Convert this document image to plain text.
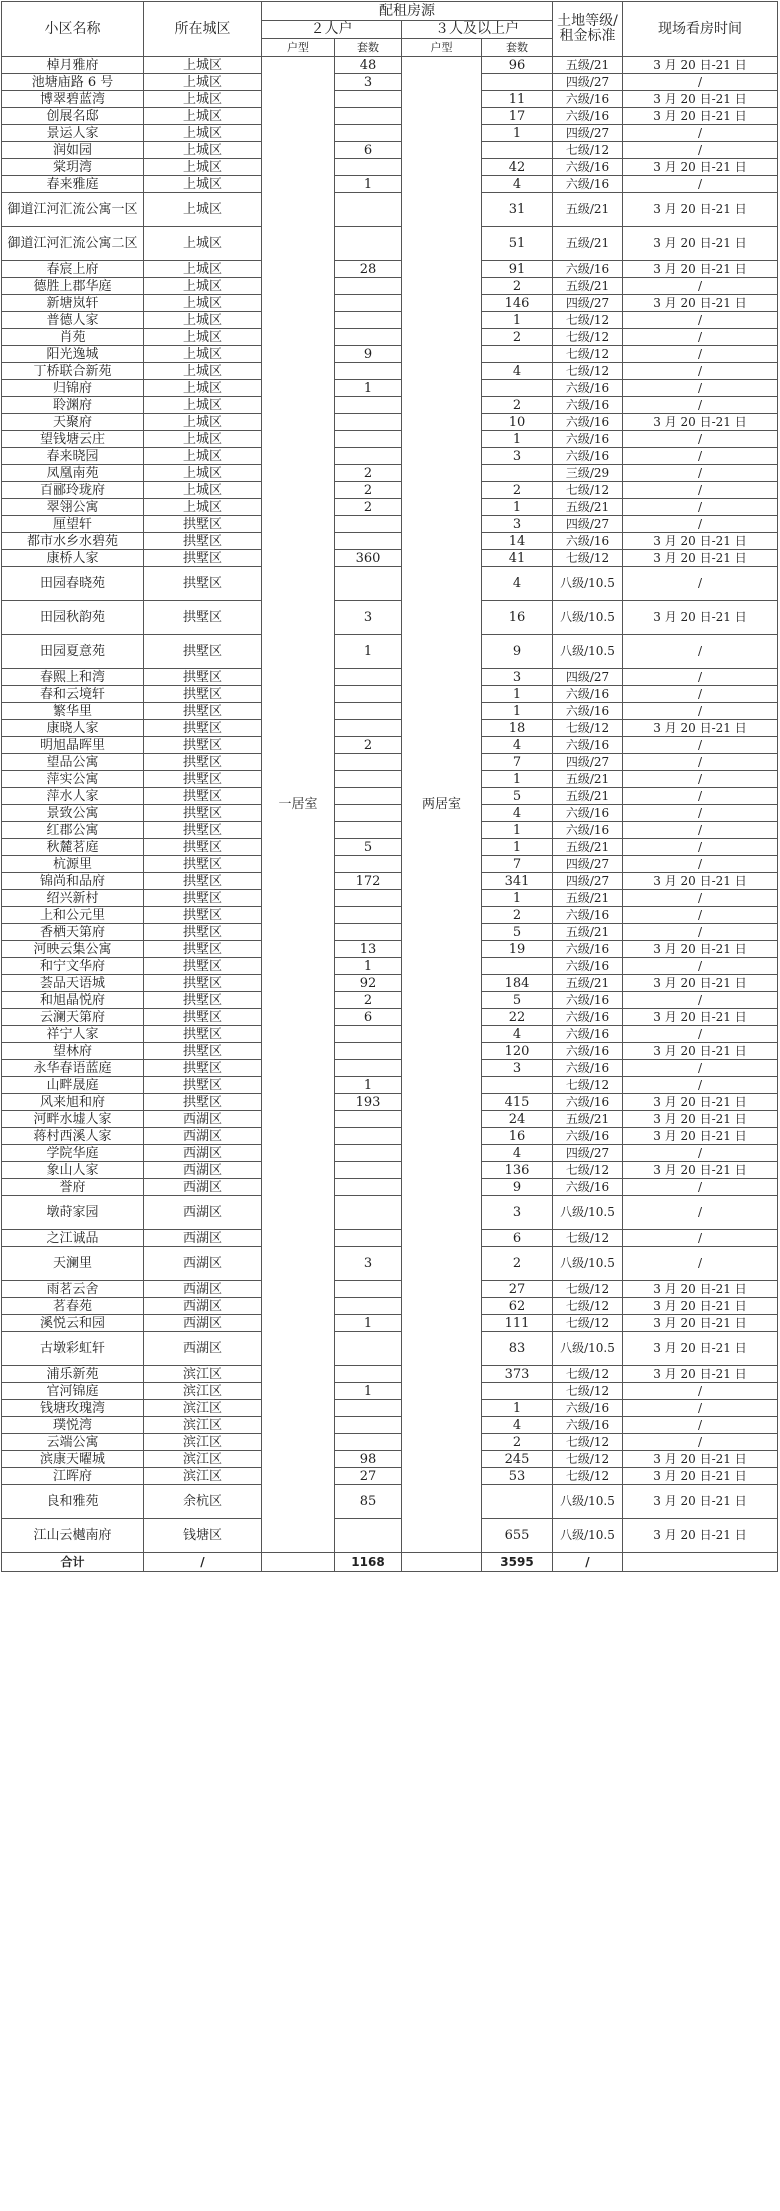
小区名称	所在城区	配租房源				土地等级/租金标准	现场看房时间
		２人户		３人及以上户			
		户型	套数	户型	套数		
棹月雅府	上城区	一居室	48	两居室	96	五级/21	3 月 20 日-21 日
池塘庙路 6 号	上城区		3			四级/27	/
博翠碧蓝湾	上城区				11	六级/16	3 月 20 日-21 日
创展名邸	上城区				17	六级/16	3 月 20 日-21 日
景运人家	上城区				1	四级/27	/
润如园	上城区		6			七级/12	/
棠玥湾	上城区				42	六级/16	3 月 20 日-21 日
春来雅庭	上城区		1		4	六级/16	/
御道江河汇流公寓一区	上城区				31	五级/21	3 月 20 日-21 日
御道江河汇流公寓二区	上城区				51	五级/21	3 月 20 日-21 日
春宸上府	上城区		28		91	六级/16	3 月 20 日-21 日
德胜上郡华庭	上城区				2	五级/21	/
新塘岚轩	上城区				146	四级/27	3 月 20 日-21 日
普德人家	上城区				1	七级/12	/
肖苑	上城区				2	七级/12	/
阳光逸城	上城区		9			七级/12	/
丁桥联合新苑	上城区				4	七级/12	/
归锦府	上城区		1			六级/16	/
聆渊府	上城区				2	六级/16	/
天聚府	上城区				10	六级/16	3 月 20 日-21 日
望钱塘云庄	上城区				1	六级/16	/
春来晓园	上城区				3	六级/16	/
凤凰南苑	上城区		2			三级/29	/
百郦玲珑府	上城区		2		2	七级/12	/
翠翎公寓	上城区		2		1	五级/21	/
厘望轩	拱墅区				3	四级/27	/
都市水乡水碧苑	拱墅区				14	六级/16	3 月 20 日-21 日
康桥人家	拱墅区		360		41	七级/12	3 月 20 日-21 日
田园春晓苑	拱墅区				4	八级/10.5	/
田园秋韵苑	拱墅区		3		16	八级/10.5	3 月 20 日-21 日
田园夏意苑	拱墅区		1		9	八级/10.5	/
春熙上和湾	拱墅区				3	四级/27	/
春和云境轩	拱墅区				1	六级/16	/
繁华里	拱墅区				1	六级/16	/
康晓人家	拱墅区				18	七级/12	3 月 20 日-21 日
明旭晶晖里	拱墅区		2		4	六级/16	/
望品公寓	拱墅区				7	四级/27	/
萍实公寓	拱墅区				1	五级/21	/
萍水人家	拱墅区				5	五级/21	/
景致公寓	拱墅区				4	六级/16	/
红郡公寓	拱墅区				1	六级/16	/
秋麓茗庭	拱墅区		5		1	五级/21	/
杭源里	拱墅区				7	四级/27	/
锦尚和品府	拱墅区		172		341	四级/27	3 月 20 日-21 日
绍兴新村	拱墅区				1	五级/21	/
上和公元里	拱墅区				2	六级/16	/
香栖天第府	拱墅区				5	五级/21	/
河映云集公寓	拱墅区		13		19	六级/16	3 月 20 日-21 日
和宁文华府	拱墅区		1			六级/16	/
荟品天语城	拱墅区		92		184	五级/21	3 月 20 日-21 日
和旭晶悦府	拱墅区		2		5	六级/16	/
云澜天第府	拱墅区		6		22	六级/16	3 月 20 日-21 日
祥宁人家	拱墅区				4	六级/16	/
望林府	拱墅区				120	六级/16	3 月 20 日-21 日
永华春语蓝庭	拱墅区				3	六级/16	/
山畔晟庭	拱墅区		1			七级/12	/
风来旭和府	拱墅区		193		415	六级/16	3 月 20 日-21 日
河畔水墟人家	西湖区				24	五级/21	3 月 20 日-21 日
蒋村西溪人家	西湖区				16	六级/16	3 月 20 日-21 日
学院华庭	西湖区				4	四级/27	/
象山人家	西湖区				136	七级/12	3 月 20 日-21 日
誉府	西湖区				9	六级/16	/
墩莳家园	西湖区				3	八级/10.5	/
之江诚品	西湖区				6	七级/12	/
天澜里	西湖区		3		2	八级/10.5	/
雨茗云舍	西湖区				27	七级/12	3 月 20 日-21 日
茗春苑	西湖区				62	七级/12	3 月 20 日-21 日
溪悦云和园	西湖区		1		111	七级/12	3 月 20 日-21 日
古墩彩虹轩	西湖区				83	八级/10.5	3 月 20 日-21 日
浦乐新苑	滨江区				373	七级/12	3 月 20 日-21 日
官河锦庭	滨江区		1			七级/12	/
钱塘玫瑰湾	滨江区				1	六级/16	/
璞悦湾	滨江区				4	六级/16	/
云端公寓	滨江区				2	七级/12	/
滨康天曜城	滨江区		98		245	七级/12	3 月 20 日-21 日
江晖府	滨江区		27		53	七级/12	3 月 20 日-21 日
良和雅苑	余杭区		85			八级/10.5	3 月 20 日-21 日
江山云樾南府	钱塘区				655	八级/10.5	3 月 20 日-21 日
合计	/		1168		3595	/	
